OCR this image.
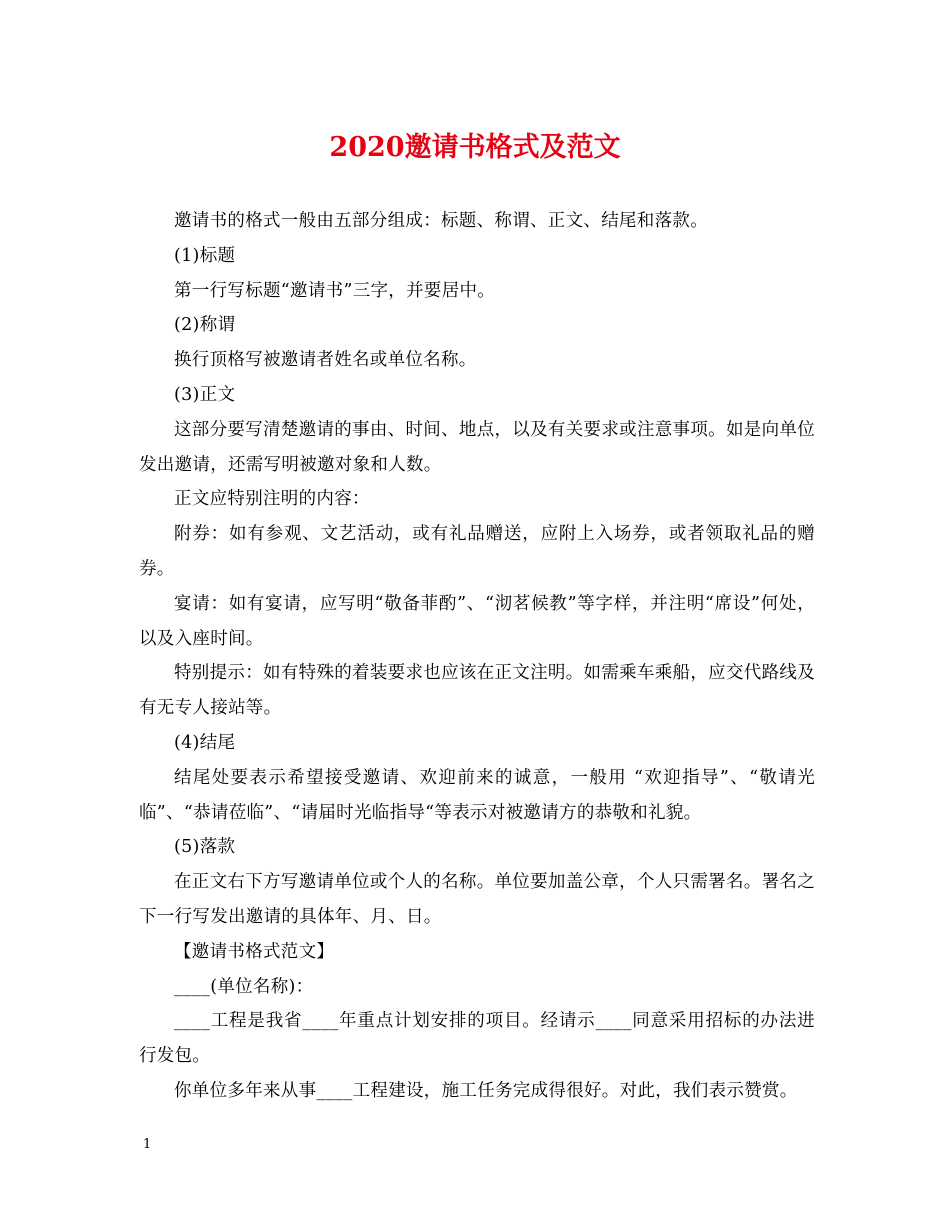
2020邀请书格式及范文

邀请书的格式一般由五部分组成：标题、称谓、正文、结尾和落款。

(1)标题

第一行写标题“邀请书”三字，并要居中。

(2)称谓

换行顶格写被邀请者姓名或单位名称。

(3)正文

这部分要写清楚邀请的事由、时间、地点，以及有关要求或注意事项。如是向单位发出邀请，还需写明被邀对象和人数。

正文应特别注明的内容：

附券：如有参观、文艺活动，或有礼品赠送，应附上入场券，或者领取礼品的赠券。

宴请：如有宴请，应写明“敬备菲酌”、“沏茗候教”等字样，并注明“席设”何处，以及入座时间。

特别提示：如有特殊的着装要求也应该在正文注明。如需乘车乘船，应交代路线及有无专人接站等。

(4)结尾

结尾处要表示希望接受邀请、欢迎前来的诚意，一般用 “欢迎指导”、“敬请光临”、“恭请莅临”、“请届时光临指导“等表示对被邀请方的恭敬和礼貌。

(5)落款

在正文右下方写邀请单位或个人的名称。单位要加盖公章，个人只需署名。署名之下一行写发出邀请的具体年、月、日。

【邀请书格式范文】

____(单位名称)：

____工程是我省____年重点计划安排的项目。经请示____同意采用招标的办法进行发包。

你单位多年来从事____工程建设，施工任务完成得很好。对此，我们表示赞赏。

1
